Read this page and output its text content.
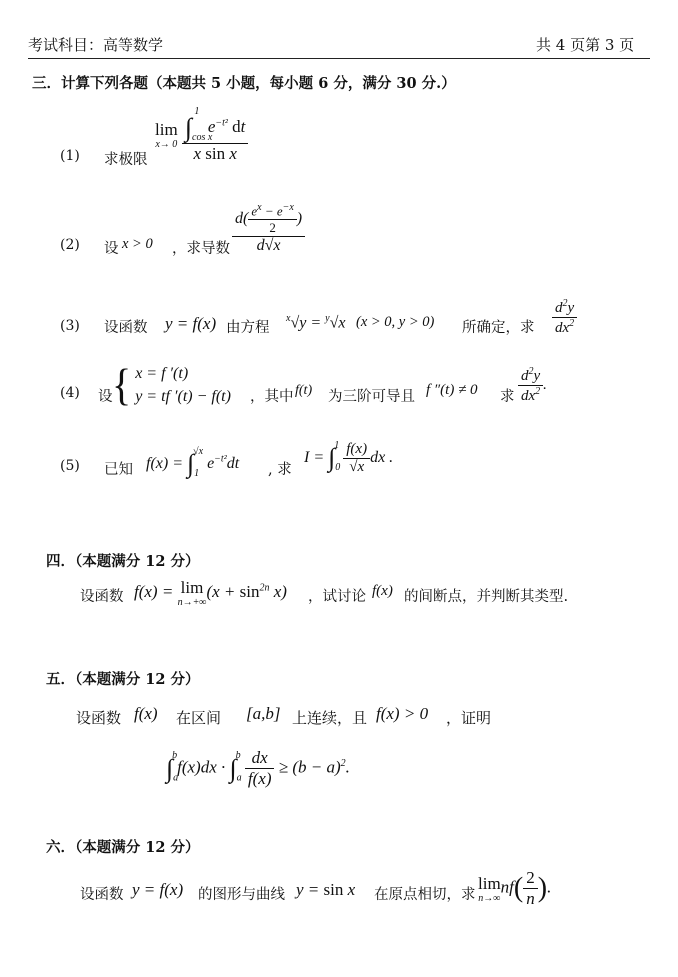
考试科目：高等数学	共 4 页第 3 页
三．计算下列各题（本题共 5 小题，每小题 6 分，满分 30 分.）
(1) 求极限
lim
x→ 0
$\frac{\int_{cos x}^1 e^{-t^2} dt}{\text{x sin x}}$
(2) 设 x > 0 ，求导数 $\frac{d( \frac{e^x - e^{-x}}{2} )}{d√x}$
(3) 设函数 y = f(x) 由方程
$^x$√y = $^y$√x (x > 0, y > 0) 所确定，求 $\frac{d^2y}{dx^2}$
(4) 设 { x = f ′(t)
y = tf ′(t) − f(t) ，其中 f(t) 为三阶可导且 f ″(t) ≠ 0 求 $\frac{d^2y}{dx^2}$ .
(5) 已知 $f(x) = \int_1^{√x}$ $e^{-t^2}dt$ , 求
$I = \int_0^1 \frac{f(x)}{√x}$ dx .
四．（本题满分 12 分）
设函数 f(x) = lim
n→+∞
$(x + \sin^{2n} x)$ ，试讨论 f(x) 的间断点，并判断其类型.
五．（本题满分 12 分）
设函数 f(x) 在区间 [a,b] 上连续，且 f(x) > 0 ，证明
$\int_a^bf(x)dx \cdot \int_a^b \frac{dx}{f(x)} \ge (b - a)^2$.
六．（本题满分 12 分）
设函数 y = f(x) 的图形与曲线 y = sin x 在原点相切，求
lim
n→∞
$nf( \frac{2}{n}$ ).
